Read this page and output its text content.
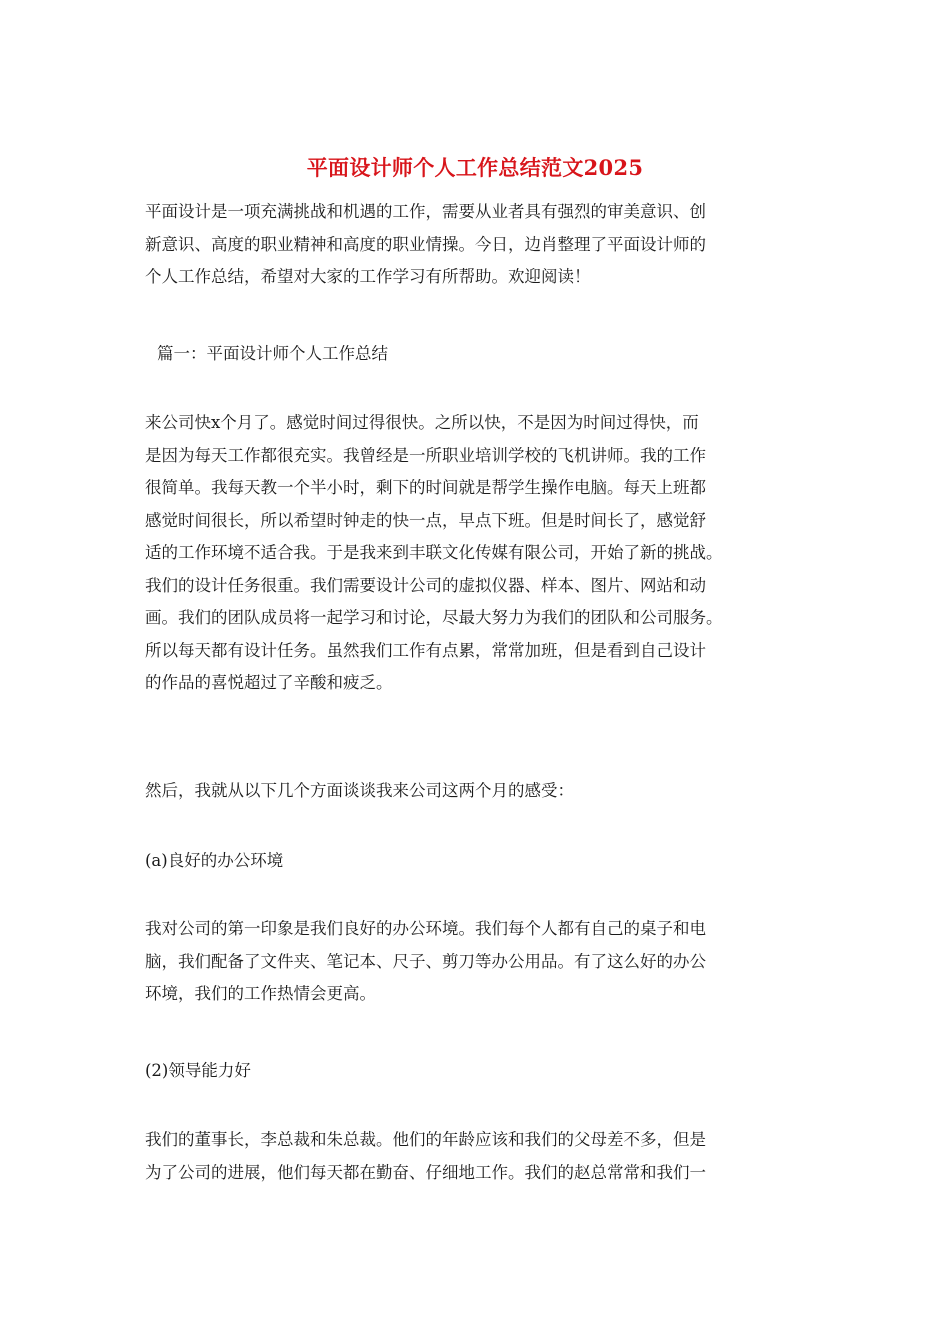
平面设计师个人工作总结范文2025

平面设计是一项充满挑战和机遇的工作，需要从业者具有强烈的审美意识、创
新意识、高度的职业精神和高度的职业情操。今日，边肖整理了平面设计师的
个人工作总结，希望对大家的工作学习有所帮助。欢迎阅读！

篇一：平面设计师个人工作总结

来公司快x个月了。感觉时间过得很快。之所以快，不是因为时间过得快，而
是因为每天工作都很充实。我曾经是一所职业培训学校的飞机讲师。我的工作
很简单。我每天教一个半小时，剩下的时间就是帮学生操作电脑。每天上班都
感觉时间很长，所以希望时钟走的快一点，早点下班。但是时间长了，感觉舒
适的工作环境不适合我。于是我来到丰联文化传媒有限公司，开始了新的挑战。
我们的设计任务很重。我们需要设计公司的虚拟仪器、样本、图片、网站和动
画。我们的团队成员将一起学习和讨论，尽最大努力为我们的团队和公司服务。
所以每天都有设计任务。虽然我们工作有点累，常常加班，但是看到自己设计
的作品的喜悦超过了辛酸和疲乏。

然后，我就从以下几个方面谈谈我来公司这两个月的感受：

(a)良好的办公环境

我对公司的第一印象是我们良好的办公环境。我们每个人都有自己的桌子和电
脑，我们配备了文件夹、笔记本、尺子、剪刀等办公用品。有了这么好的办公
环境，我们的工作热情会更高。

(2)领导能力好

我们的董事长，李总裁和朱总裁。他们的年龄应该和我们的父母差不多，但是
为了公司的进展，他们每天都在勤奋、仔细地工作。我们的赵总常常和我们一
